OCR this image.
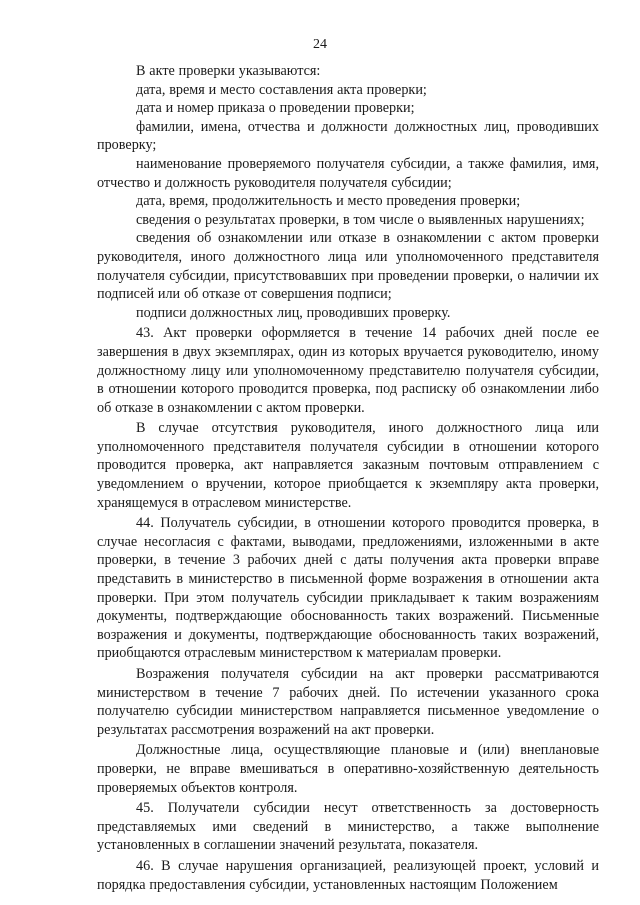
24

В акте проверки указываются:

дата, время и место составления акта проверки;

дата и номер приказа о проведении проверки;

фамилии, имена, отчества и должности должностных лиц, проводивших проверку;

наименование проверяемого получателя субсидии, а также фамилия, имя, отчество и должность руководителя получателя субсидии;

дата, время, продолжительность и место проведения проверки;

сведения о результатах проверки, в том числе о выявленных нарушениях;

сведения об ознакомлении или отказе в ознакомлении с актом проверки руководителя, иного должностного лица или уполномоченного представителя получателя субсидии, присутствовавших при проведении проверки, о наличии их подписей или об отказе от совершения подписи;

подписи должностных лиц, проводивших проверку.

43. Акт проверки оформляется в течение 14 рабочих дней после ее завершения в двух экземплярах, один из которых вручается руководителю, иному должностному лицу или уполномоченному представителю получателя субсидии, в отношении которого проводится проверка, под расписку об ознакомлении либо об отказе в ознакомлении с актом проверки.

В случае отсутствия руководителя, иного должностного лица или уполномоченного представителя получателя субсидии в отношении которого проводится проверка, акт направляется заказным почтовым отправлением с уведомлением о вручении, которое приобщается к экземпляру акта проверки, хранящемуся в отраслевом министерстве.

44. Получатель субсидии, в отношении которого проводится проверка, в случае несогласия с фактами, выводами, предложениями, изложенными в акте проверки, в течение 3 рабочих дней с даты получения акта проверки вправе представить в министерство в письменной форме возражения в отношении акта проверки. При этом получатель субсидии прикладывает к таким возражениям документы, подтверждающие обоснованность таких возражений. Письменные возражения и документы, подтверждающие обоснованность таких возражений, приобщаются отраслевым министерством к материалам проверки.

Возражения получателя субсидии на акт проверки рассматриваются министерством в течение 7 рабочих дней. По истечении указанного срока получателю субсидии министерством направляется письменное уведомление о результатах рассмотрения возражений на акт проверки.

Должностные лица, осуществляющие плановые и (или) внеплановые проверки, не вправе вмешиваться в оперативно-хозяйственную деятельность проверяемых объектов контроля.

45. Получатели субсидии несут ответственность за достоверность представляемых ими сведений в министерство, а также выполнение установленных в соглашении значений результата, показателя.

46. В случае нарушения организацией, реализующей проект, условий и порядка предоставления субсидии, установленных настоящим Положением
